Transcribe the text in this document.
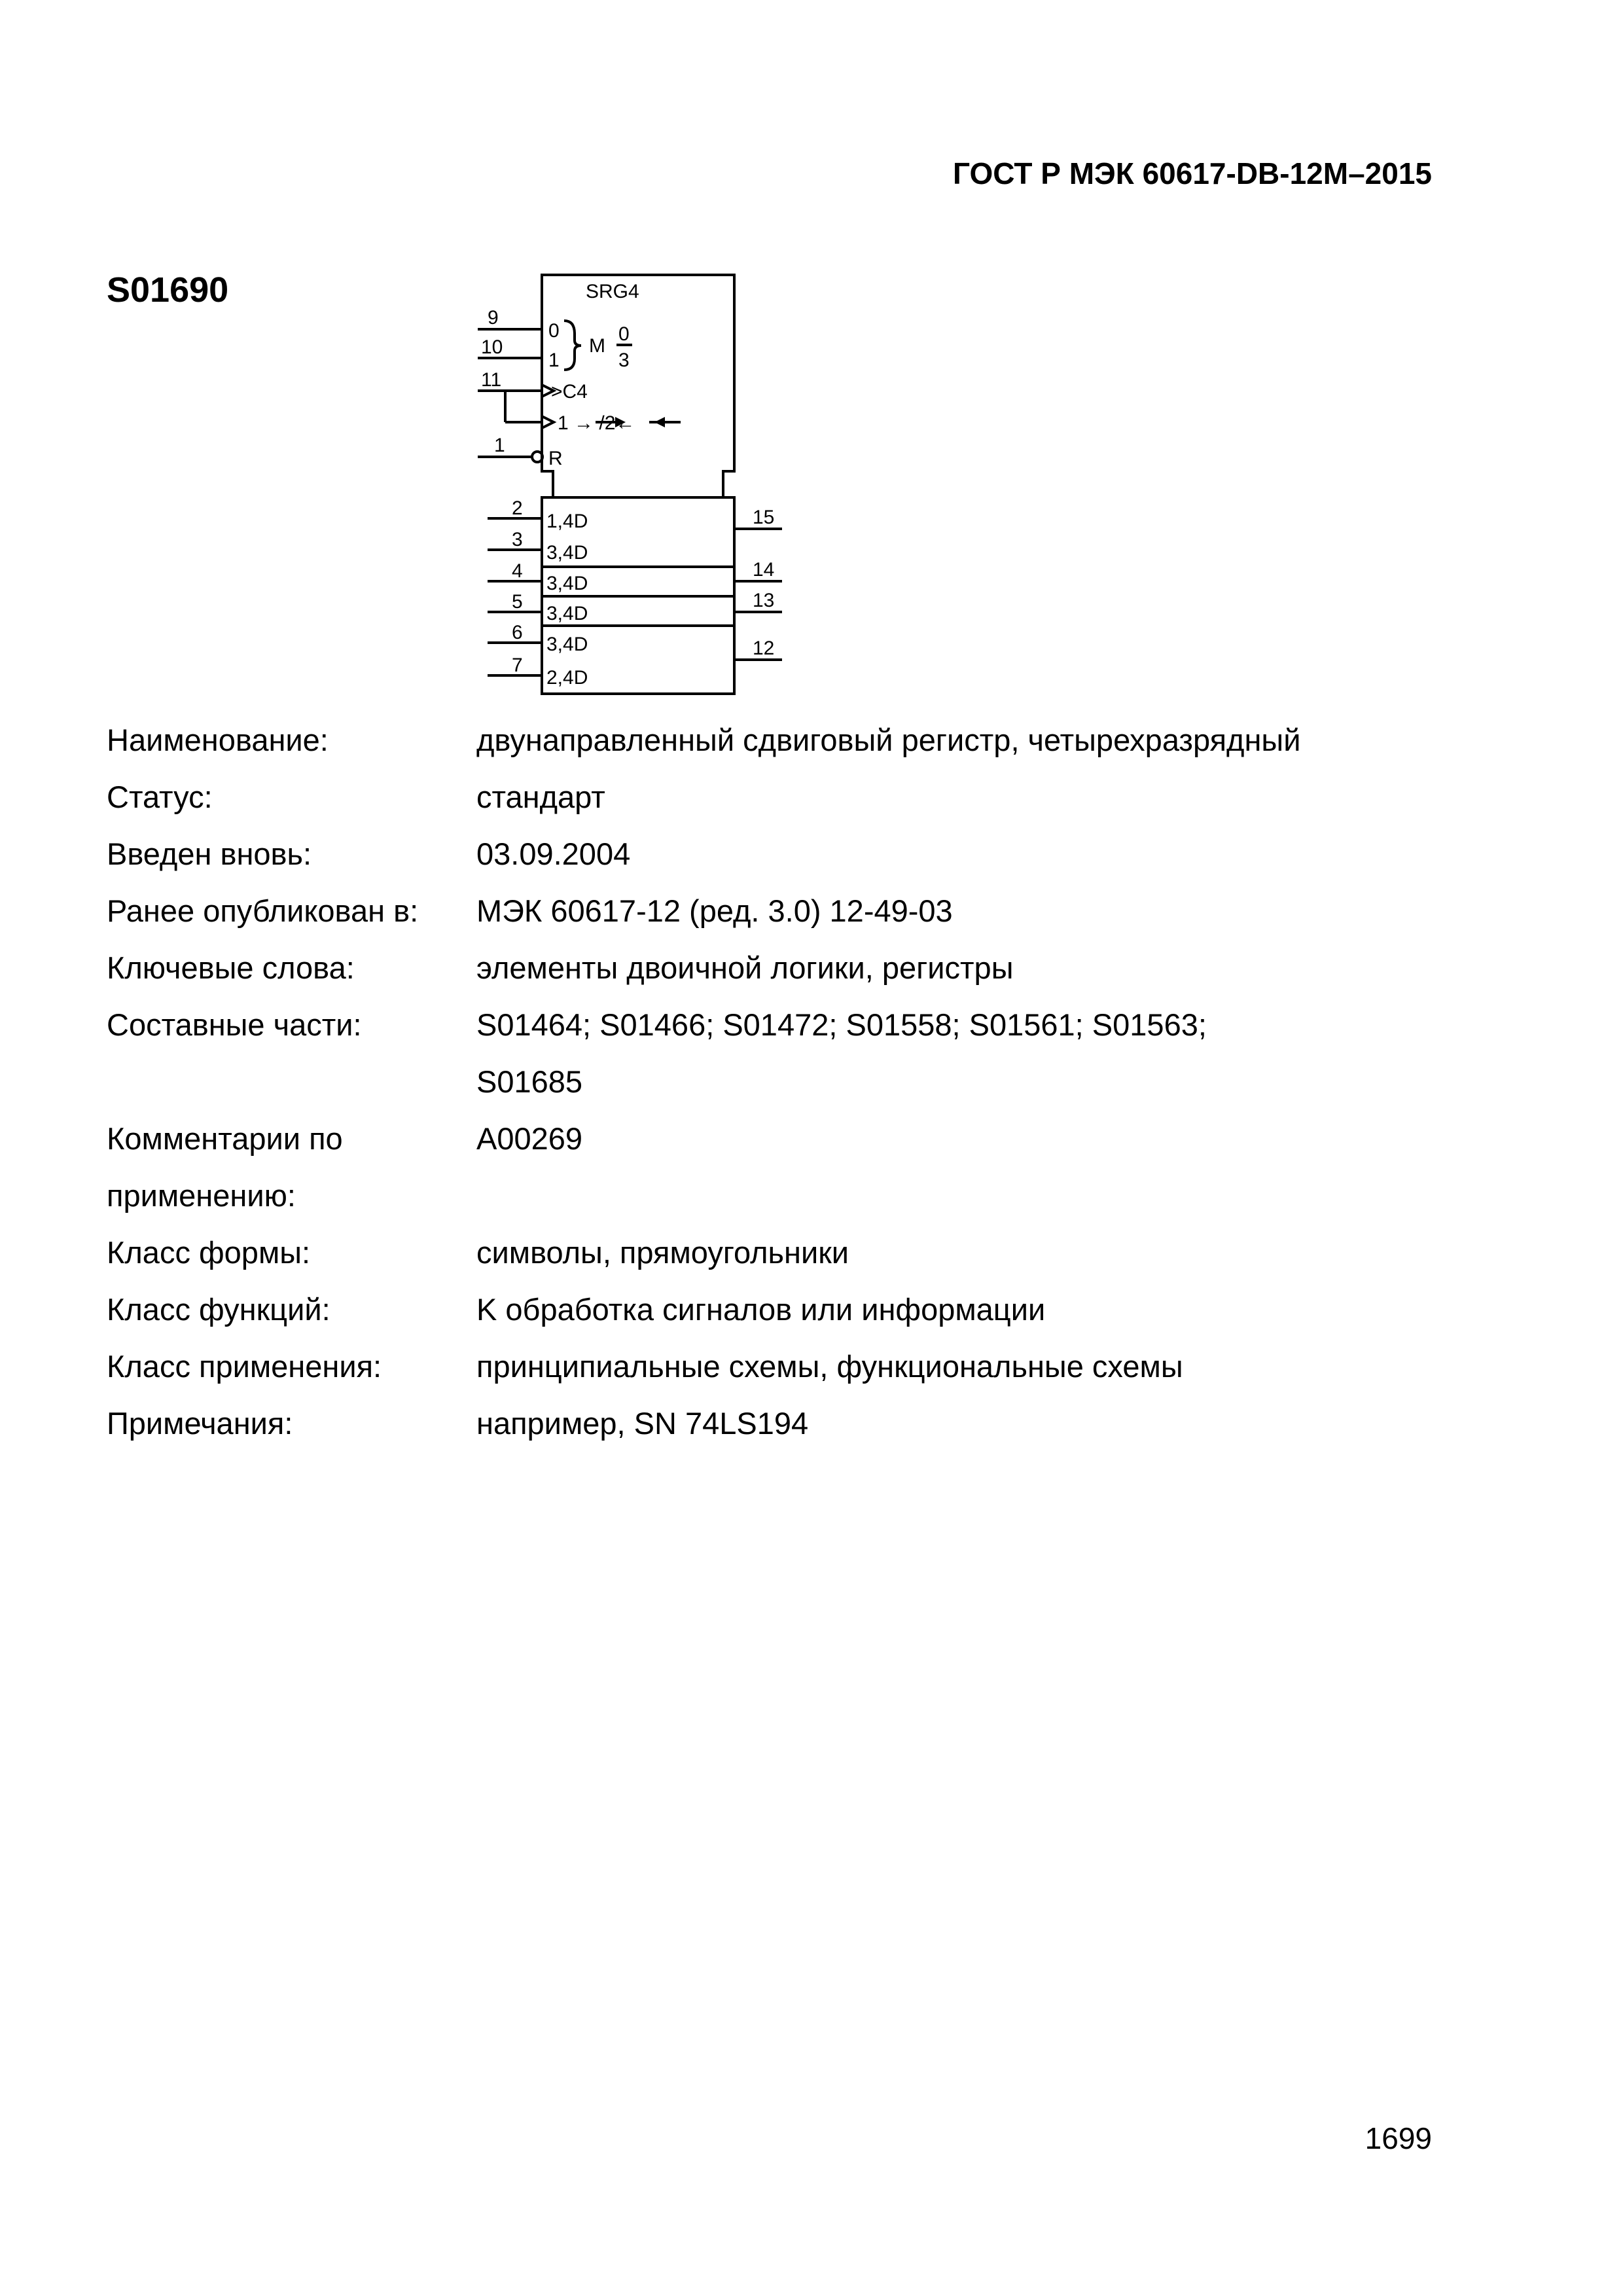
ГОСТ Р МЭК 60617-DB-12M–2015
S01690	SRG4
0
1
M
0
3
>C4
1 → /2←
R
9
10
11
1
1,4D
3,4D
3,4D
3,4D
3,4D
2,4D
2
3
4
5
6
7
15
14
13
12
Наименование:	двунаправленный сдвиговый регистр, четырехразрядный
Статус:	стандарт
Введен вновь:	03.09.2004
Ранее опубликован в:	МЭК 60617-12 (ред. 3.0) 12-49-03
Ключевые слова:	элементы двоичной логики, регистры
Составные части:	S01464; S01466; S01472; S01558; S01561; S01563;
S01685
Комментарии по
применению:
A00269
Класс формы:	символы, прямоугольники
Класс функций:	K обработка сигналов или информации
Класс применения:	принципиальные схемы, функциональные схемы
Примечания:	например, SN 74LS194
1699
